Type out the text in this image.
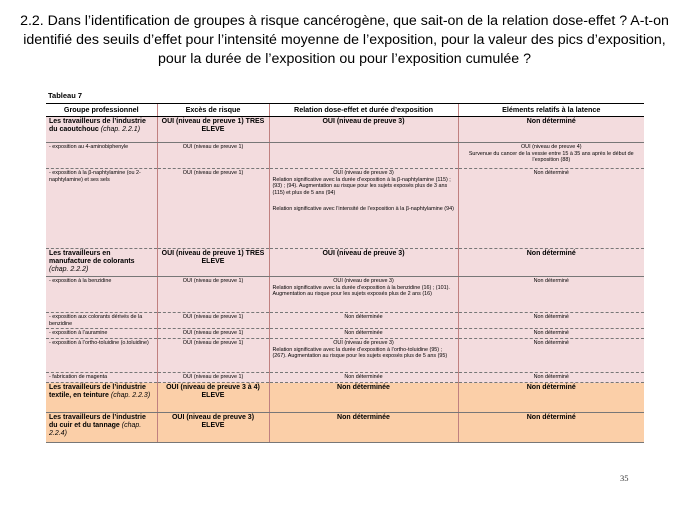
2.2. Dans l’identification de groupes à risque cancérogène, que sait-on de la relation dose-effet ? A-t-on identifié des seuils d’effet pour l’intensité moyenne de l’exposition, pour la valeur des pics d’exposition, pour la durée de l’exposition ou pour l’exposition cumulée ?
Tableau 7
Groupe professionnel	Excès de risque	Relation dose-effet et durée d’exposition	Eléments relatifs à la latence
Les travailleurs de l’industrie du caoutchouc (chap. 2.2.1)	OUI (niveau de preuve 1) TRES ELEVE	OUI (niveau de preuve 3)	Non déterminé

- exposition au 4-aminobiphenyle	OUI (niveau de preuve 1)		OUI (niveau de preuve 4)
Survenue du cancer de la vessie entre 15 à 35 ans après le début de l’exposition (88)

- exposition à la β-naphtylamine (ou 2-naphtylamine) et ses sels	OUI (niveau de preuve 1)	OUI (niveau de preuve 3)
Relation significative avec la durée d’exposition à la β-naphtylamine (115) ; (93) ; (94). Augmentation au risque pour les sujets exposés plus de 3 ans (115) et plus de 5 ans (94)
Relation significative avec l’intensité de l’exposition à la β-naphtylamine (94)	Non déterminé

Les travailleurs en manufacture de colorants (chap. 2.2.2)	OUI (niveau de preuve 1) TRES ELEVE	OUI (niveau de preuve 3)	Non déterminé

- exposition à la benzidine	OUI (niveau de preuve 1)	OUI (niveau de preuve 3)
Relation significative avec la durée d’exposition à la benzidine (16) ; (101). Augmentation au risque pour les sujets exposés plus de 2 ans (16)	Non déterminé

- exposition aux colorants dérivés de la benzidine	OUI (niveau de preuve 1)	Non déterminée	Non déterminé

- exposition à l’auramine	OUI (niveau de preuve 1)	Non déterminée	Non déterminé

- exposition à l’ortho-toluidine (o.toluidine)	OUI (niveau de preuve 1)	OUI (niveau de preuve 3)
Relation significative avec la durée d’exposition à l’ortho-toluidine (95) ; (267). Augmentation au risque pour les sujets exposés plus de 5 ans (95)	Non déterminé

- fabrication de magenta	OUI (niveau de preuve 1)	Non déterminée	Non déterminé

Les travailleurs de l’industrie textile, en teinture (chap. 2.2.3)	OUI (niveau de preuve 3 à 4) ELEVE	Non déterminée	Non déterminé

Les travailleurs de l’industrie du cuir et du tannage (chap. 2.2.4)	OUI (niveau de preuve 3) ELEVE	Non déterminée	Non déterminé
35
